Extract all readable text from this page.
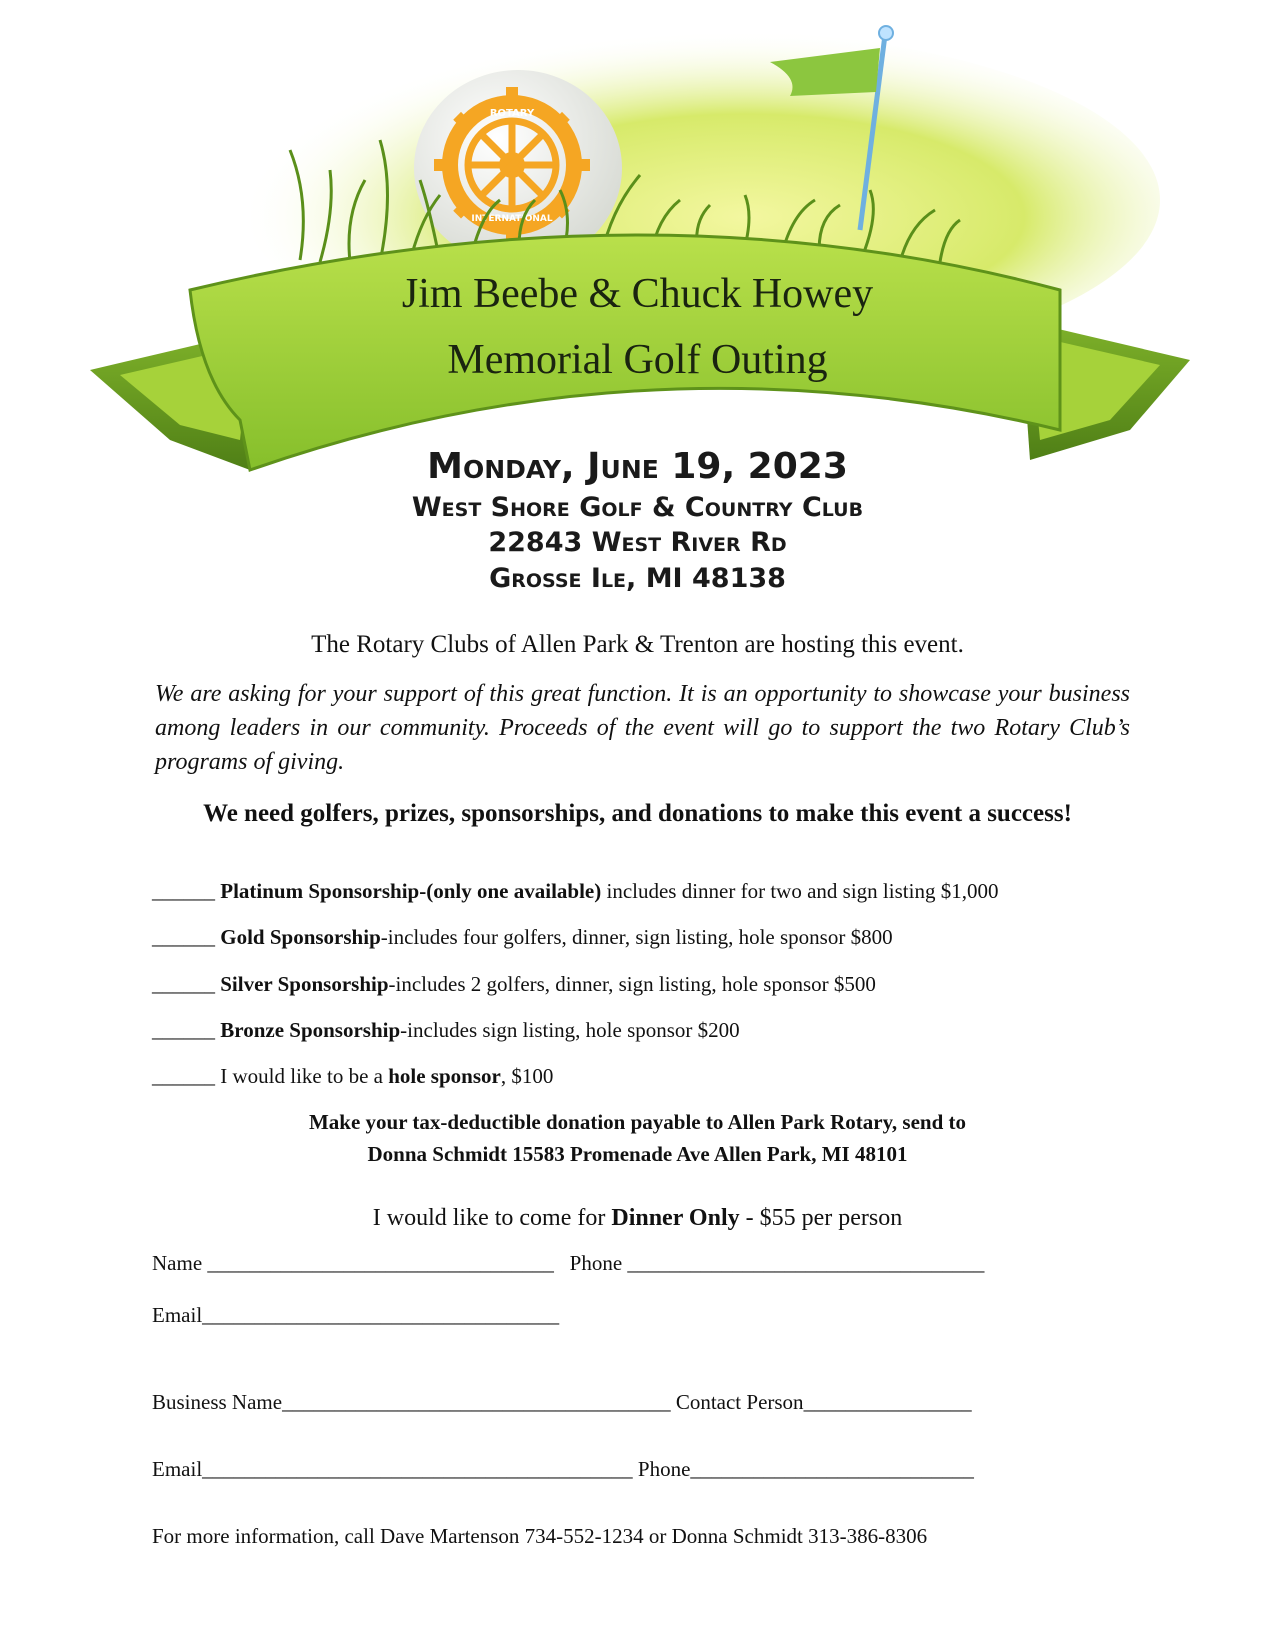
ROTARY
INTERNATIONAL
Jim Beebe & Chuck Howey
Memorial Golf Outing
Monday, June 19, 2023
West Shore Golf & Country Club
22843 West River Rd
Grosse Ile, MI 48138
The Rotary Clubs of Allen Park & Trenton are hosting this event.
We are asking for your support of this great function. It is an opportunity to showcase your business among leaders in our community. Proceeds of the event will go to support the two Rotary Club’s programs of giving.
We need golfers, prizes, sponsorships, and donations to make this event a success!
______ Platinum Sponsorship-(only one available) includes dinner for two and sign listing $1,000
______ Gold Sponsorship-includes four golfers, dinner, sign listing, hole sponsor $800
______ Silver Sponsorship-includes 2 golfers, dinner, sign listing, hole sponsor $500
______ Bronze Sponsorship-includes sign listing, hole sponsor $200
______ I would like to be a hole sponsor, $100
Make your tax-deductible donation payable to Allen Park Rotary, send to
Donna Schmidt 15583 Promenade Ave Allen Park, MI 48101
I would like to come for Dinner Only - $55 per person
Name _________________________________ Phone __________________________________
Email__________________________________
Business Name_____________________________________ Contact Person________________
Email_________________________________________ Phone___________________________
For more information, call Dave Martenson 734-552-1234 or Donna Schmidt 313-386-8306
